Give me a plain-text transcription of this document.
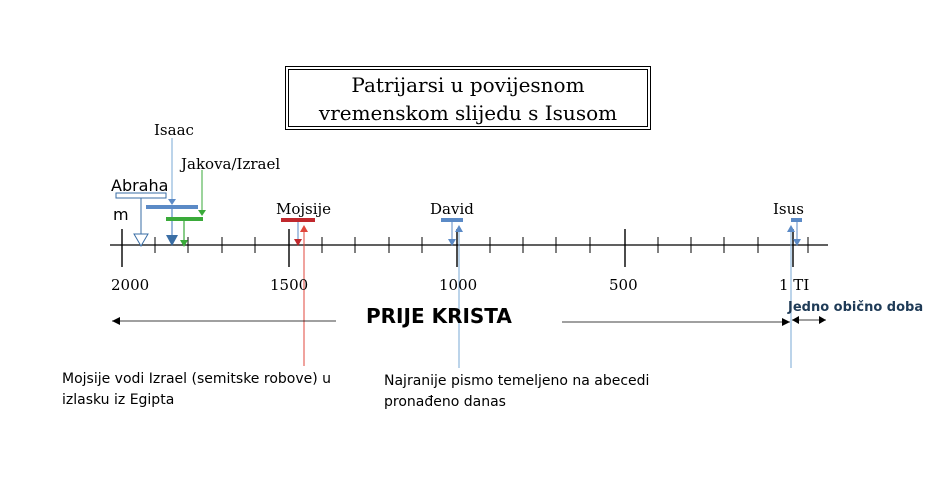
Patrijarsi u povijesnom
vremenskom slijedu s Isusom
Isaac
Jakova/Izrael
Abraha
m	Mojsije	David	Isus
2000	1500	1000	500	1 TI
PRIJE KRISTA	Jedno obično doba
Mojsije vodi Izrael (semitske robove) u izlasku iz Egipta
Najranije pismo temeljeno na abecedi pronađeno danas
